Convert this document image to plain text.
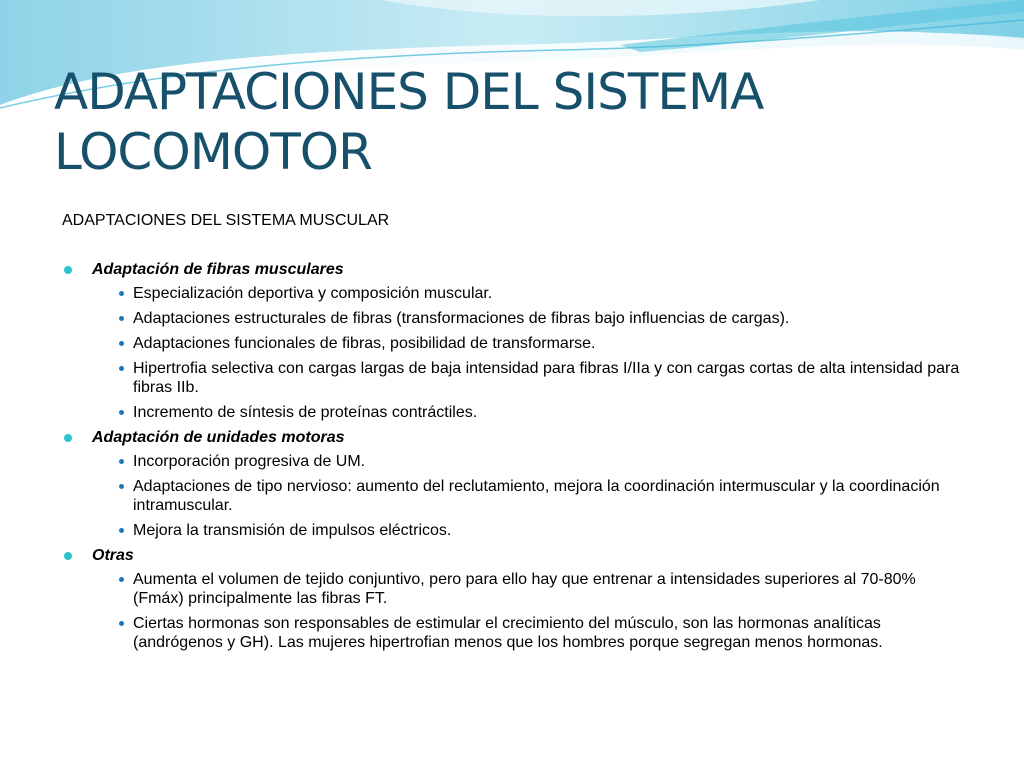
ADAPTACIONES DEL SISTEMA
LOCOMOTOR
ADAPTACIONES DEL SISTEMA MUSCULAR
Adaptación de fibras musculares
Especialización deportiva y composición muscular.
Adaptaciones estructurales de fibras (transformaciones de fibras bajo influencias de cargas).
Adaptaciones funcionales de fibras, posibilidad de transformarse.
Hipertrofia selectiva con cargas largas de baja intensidad para fibras I/IIa y con cargas cortas de alta intensidad para fibras IIb.
Incremento de síntesis de proteínas contráctiles.
Adaptación de unidades motoras
Incorporación progresiva de UM.
Adaptaciones de tipo nervioso: aumento del reclutamiento, mejora la coordinación intermuscular y la coordinación intramuscular.
Mejora la transmisión de impulsos eléctricos.
Otras
Aumenta el volumen de tejido conjuntivo, pero para ello hay que entrenar a intensidades superiores al 70-80% (Fmáx) principalmente las fibras FT.
Ciertas hormonas son responsables de estimular el crecimiento del músculo, son las hormonas analíticas (andrógenos y GH). Las mujeres hipertrofian menos que los hombres porque segregan menos hormonas.
